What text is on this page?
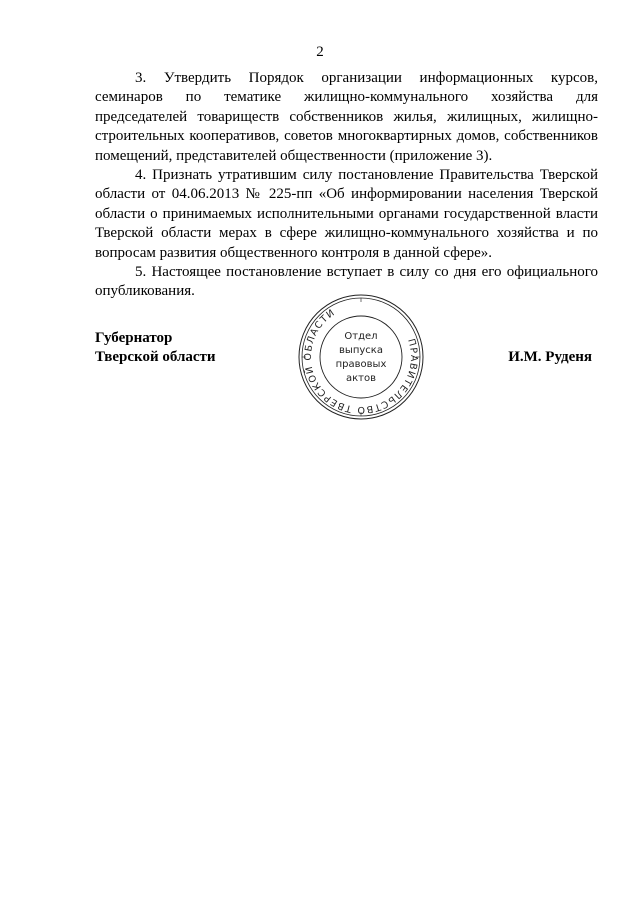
2

3. Утвердить Порядок организации информационных курсов, семинаров по тематике жилищно-коммунального хозяйства для председателей товариществ собственников жилья, жилищных, жилищно-строительных кооперативов, советов многоквартирных домов, собственников помещений, представителей общественности (приложение 3).

4. Признать утратившим силу постановление Правительства Тверской области от 04.06.2013 № 225-пп «Об информировании населения Тверской области о принимаемых исполнительными органами государственной власти Тверской области мерах в сфере жилищно-коммунального хозяйства и по вопросам развития общественного контроля в данной сфере».

5. Настоящее постановление вступает в силу со дня его официального опубликования.

Губернатор
Тверской области	И.М. Руденя
ПРАВИТЕЛЬСТВО ТВЕРСКОЙ ОБЛАСТИ
Отдел
выпуска
правовых
актов
